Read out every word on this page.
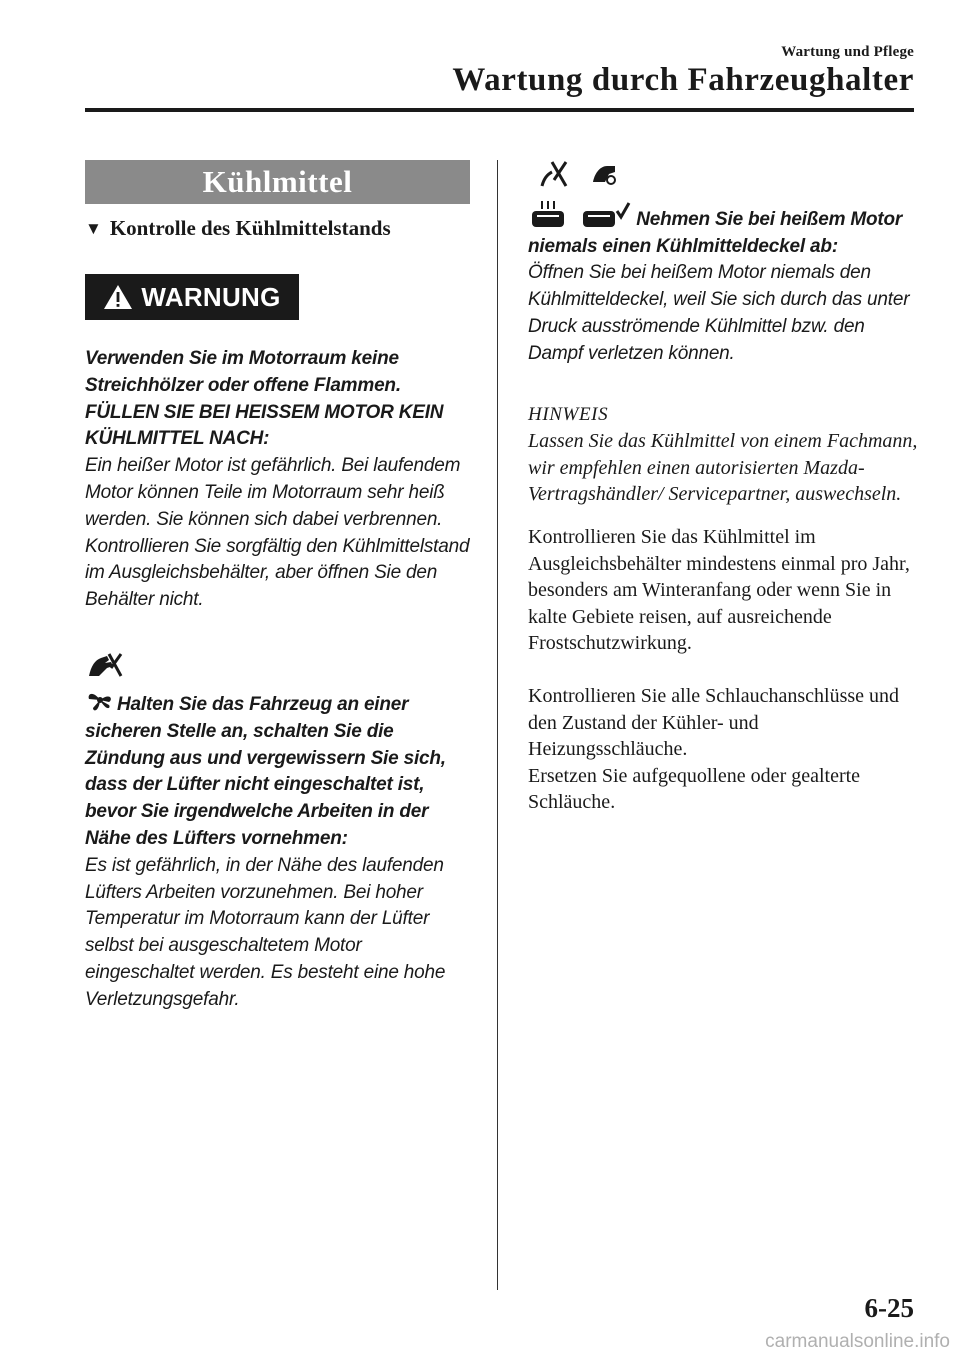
Wartung und Pflege
Wartung durch Fahrzeughalter
Kühlmittel
▼ Kontrolle des Kühlmittelstands
WARNUNG
Verwenden Sie im Motorraum keine Streichhölzer oder offene Flammen.
FÜLLEN SIE BEI HEISSEM MOTOR KEIN KÜHLMITTEL NACH:
Ein heißer Motor ist gefährlich. Bei laufendem Motor können Teile im Motorraum sehr heiß werden. Sie können sich dabei verbrennen. Kontrollieren Sie sorgfältig den Kühlmittelstand im Ausgleichsbehälter, aber öffnen Sie den Behälter nicht.
Halten Sie das Fahrzeug an einer sicheren Stelle an, schalten Sie die Zündung aus und vergewissern Sie sich, dass der Lüfter nicht eingeschaltet ist, bevor Sie irgendwelche Arbeiten in der Nähe des Lüfters vornehmen:
Es ist gefährlich, in der Nähe des laufenden Lüfters Arbeiten vorzunehmen. Bei hoher Temperatur im Motorraum kann der Lüfter selbst bei ausgeschaltetem Motor eingeschaltet werden. Es besteht eine hohe Verletzungsgefahr.

Nehmen Sie bei heißem Motor niemals einen Kühlmitteldeckel ab:
Öffnen Sie bei heißem Motor niemals den Kühlmitteldeckel, weil Sie sich durch das unter Druck ausströmende Kühlmittel bzw. den Dampf verletzen können.
HINWEIS
Lassen Sie das Kühlmittel von einem Fachmann, wir empfehlen einen autorisierten Mazda-Vertragshändler/ Servicepartner, auswechseln.
Kontrollieren Sie das Kühlmittel im Ausgleichsbehälter mindestens einmal pro Jahr, besonders am Winteranfang oder wenn Sie in kalte Gebiete reisen, auf ausreichende Frostschutzwirkung.
Kontrollieren Sie alle Schlauchanschlüsse und den Zustand der Kühler- und Heizungsschläuche.
Ersetzen Sie aufgequollene oder gealterte Schläuche.
6-25
carmanualsonline.info
